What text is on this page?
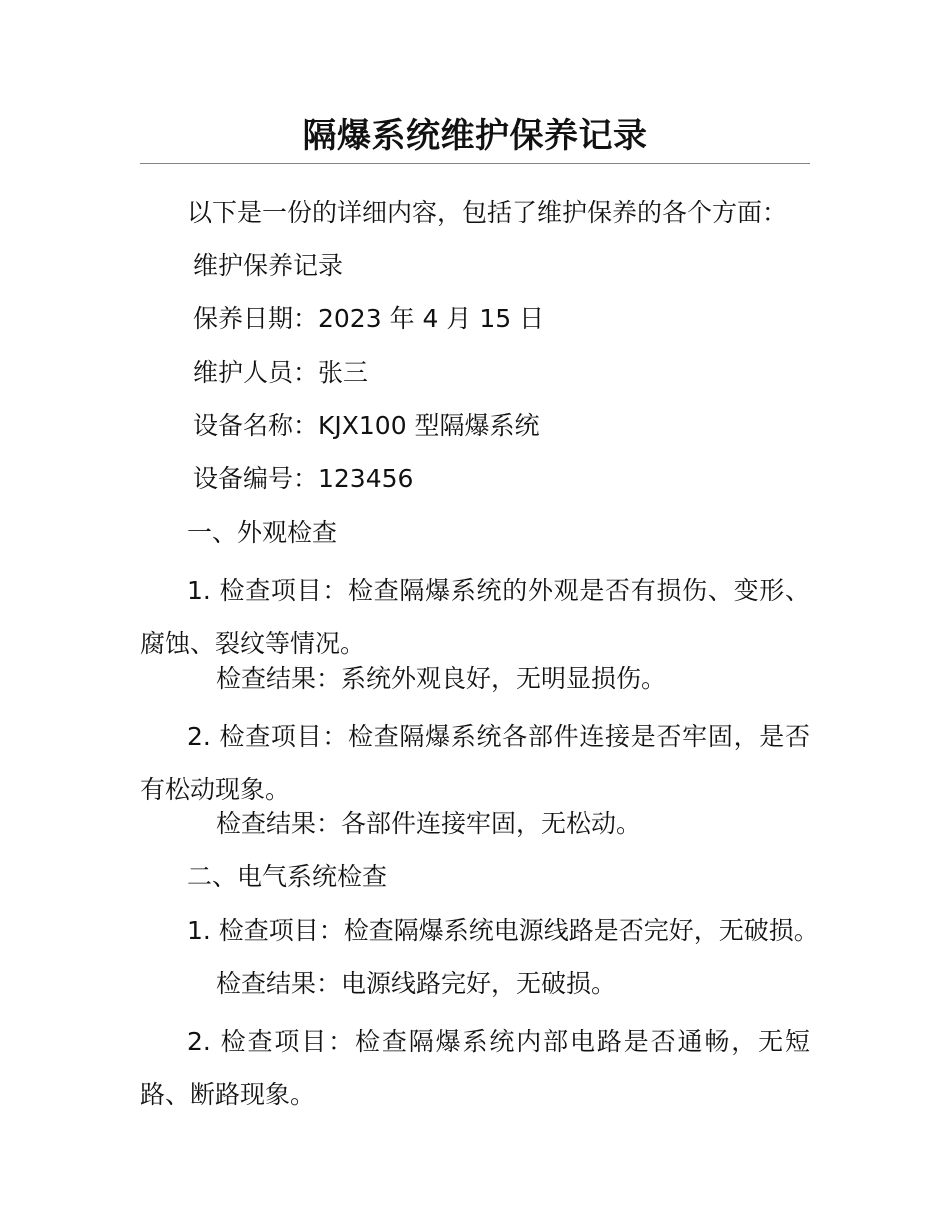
隔爆系统维护保养记录
以下是一份的详细内容，包括了维护保养的各个方面：
维护保养记录
保养日期：2023 年 4 月 15 日
维护人员：张三
设备名称：KJX100 型隔爆系统
设备编号：123456
一、外观检查

1. 检查项目：检查隔爆系统的外观是否有损伤、变形、腐蚀、裂纹等情况。

检查结果：系统外观良好，无明显损伤。

2. 检查项目：检查隔爆系统各部件连接是否牢固，是否有松动现象。

检查结果：各部件连接牢固，无松动。
二、电气系统检查
1. 检查项目：检查隔爆系统电源线路是否完好，无破损。
检查结果：电源线路完好，无破损。

2. 检查项目：检查隔爆系统内部电路是否通畅，无短路、断路现象。
